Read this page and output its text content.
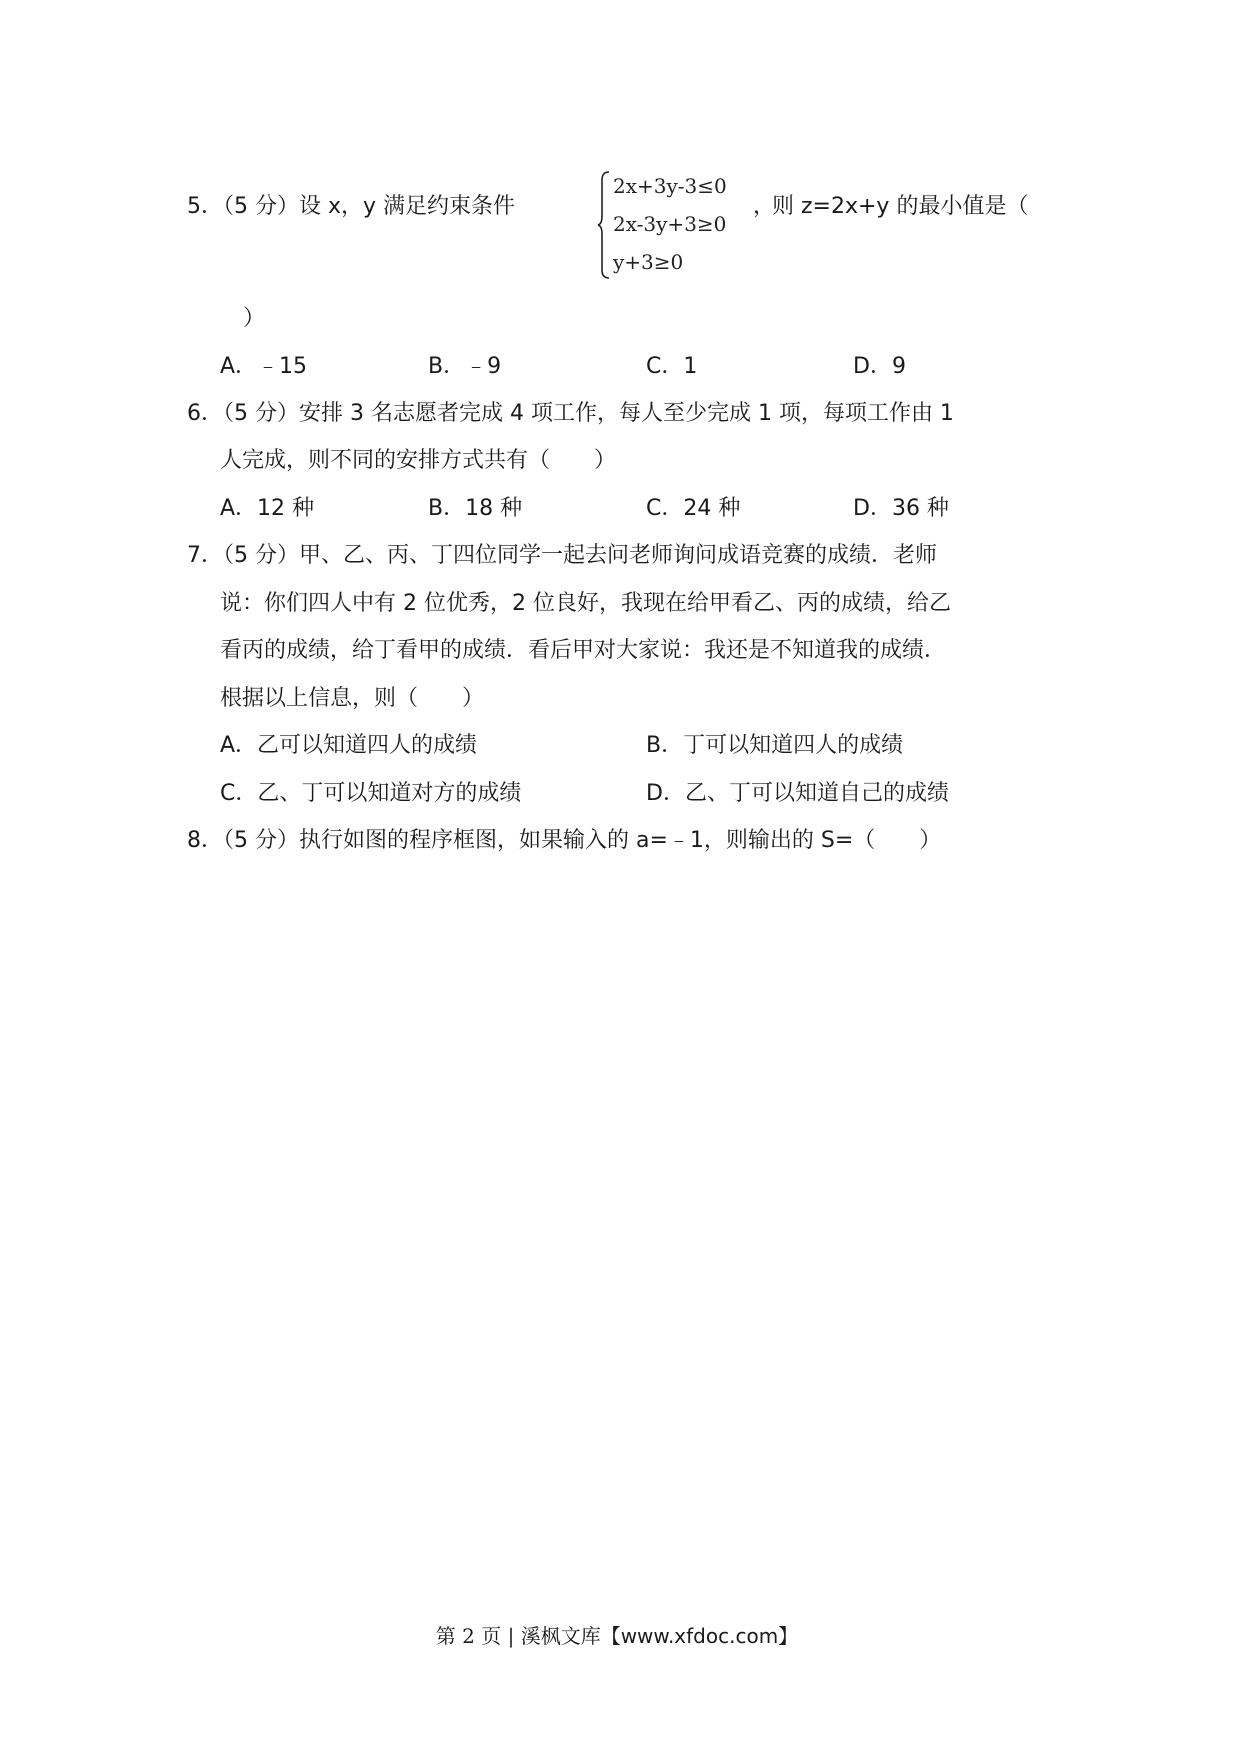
5．（5 分）设 x，y 满足约束条件
2x+3y-3≤0
2x-3y+3≥0
y+3≥0
，
则 z=2x+y 的最小值是（
）
A．﹣15	B．﹣9	C．1	D．9
6．（5 分）安排 3 名志愿者完成 4 项工作，每人至少完成 1 项，每项工作由 1
人完成，则不同的安排方式共有（　　）
A．12 种	B．18 种	C．24 种	D．36 种
7．（5 分）甲、乙、丙、丁四位同学一起去问老师询问成语竞赛的成绩．老师
说：你们四人中有 2 位优秀，2 位良好，我现在给甲看乙、丙的成绩，给乙
看丙的成绩，给丁看甲的成绩．看后甲对大家说：我还是不知道我的成绩．
根据以上信息，则（　　）
A．乙可以知道四人的成绩	B．丁可以知道四人的成绩
C．乙、丁可以知道对方的成绩	D．乙、丁可以知道自己的成绩
8．（5 分）执行如图的程序框图，如果输入的 a=﹣1，则输出的 S=（　　）
第 2 页 | 溪枫文库【www.xfdoc.com】
